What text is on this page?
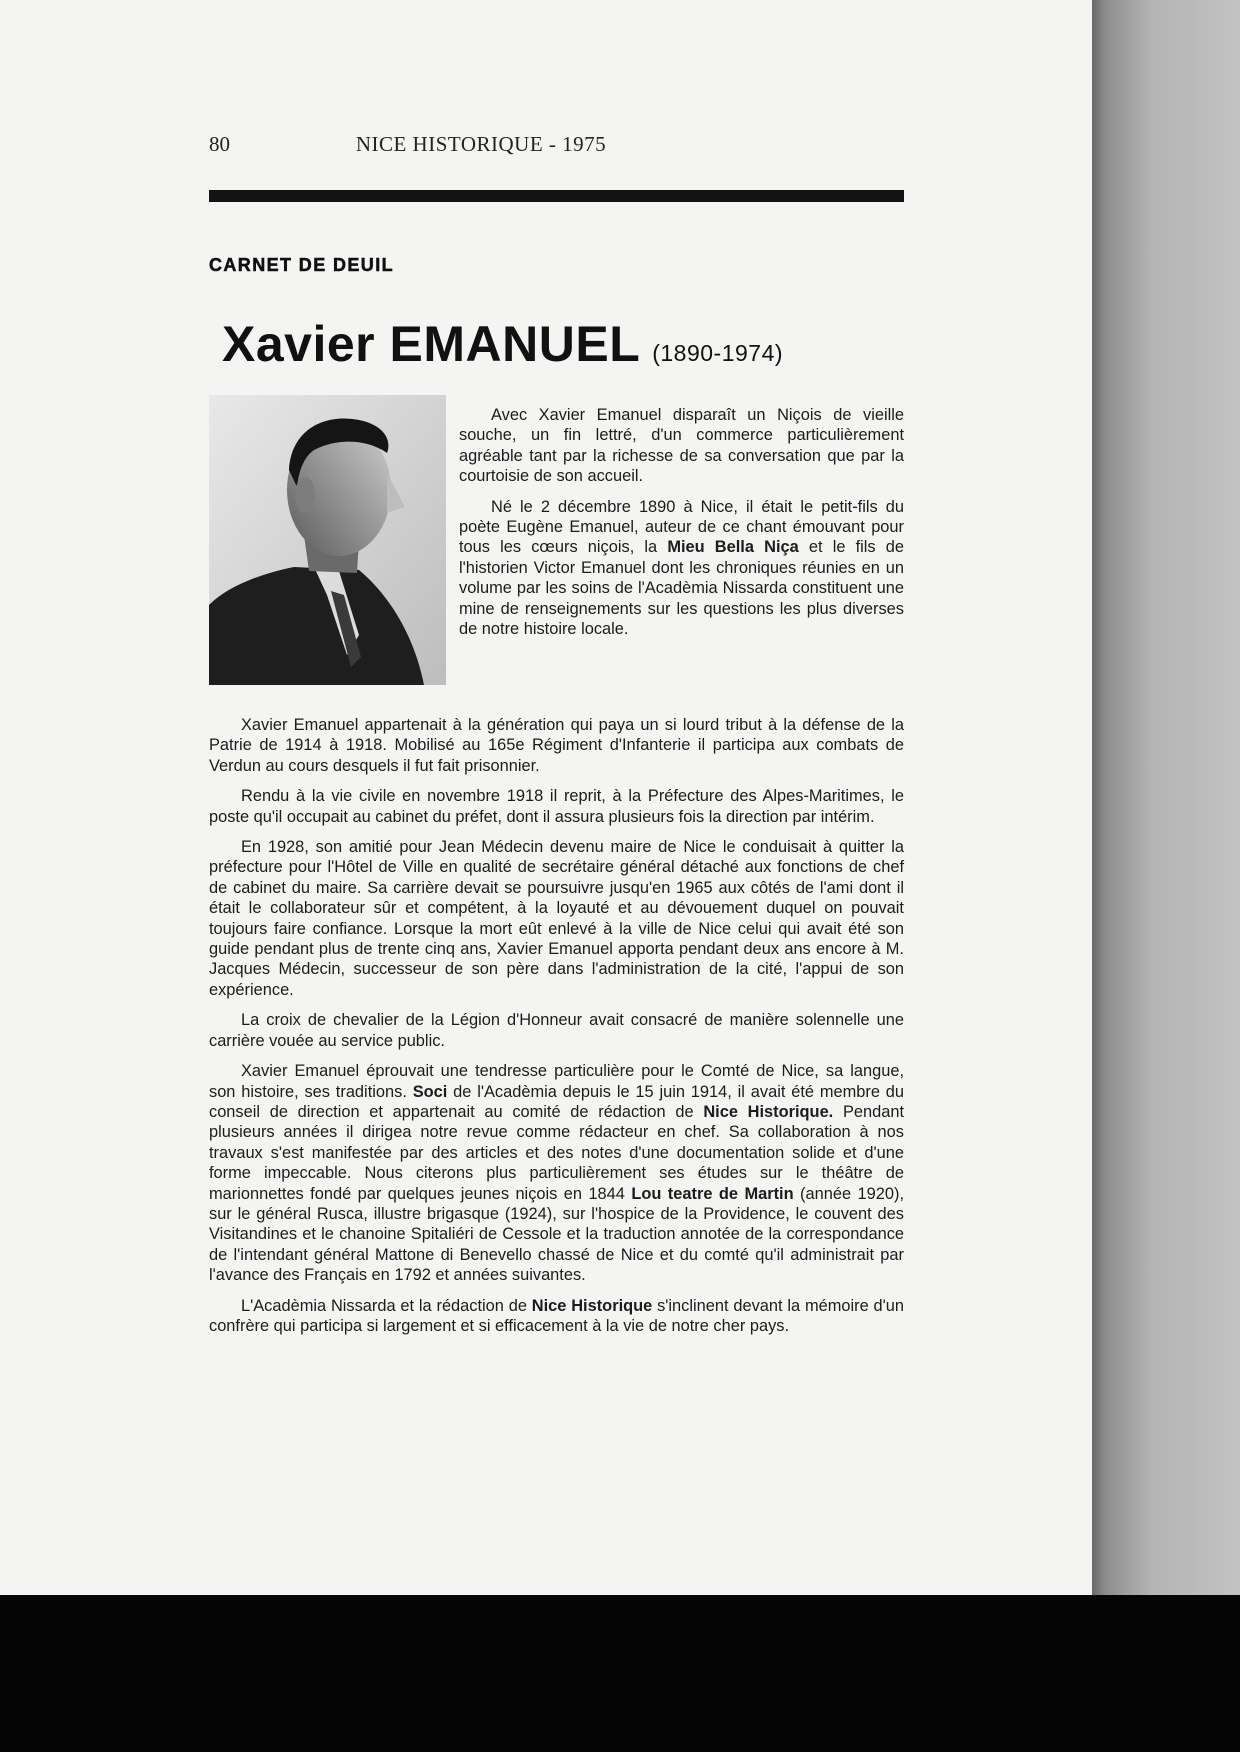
80	NICE HISTORIQUE - 1975
CARNET DE DEUIL
Xavier EMANUEL (1890-1974)

Avec Xavier Emanuel disparaît un Niçois de vieille souche, un fin lettré, d'un commerce particulièrement agréable tant par la richesse de sa conversation que par la courtoisie de son accueil.

Né le 2 décembre 1890 à Nice, il était le petit-fils du poète Eugène Emanuel, auteur de ce chant émouvant pour tous les cœurs niçois, la Mieu Bella Niça et le fils de l'historien Victor Emanuel dont les chroniques réunies en un volume par les soins de l'Acadèmia Nissarda constituent une mine de renseignements sur les questions les plus diverses de notre histoire locale.

Xavier Emanuel appartenait à la génération qui paya un si lourd tribut à la défense de la Patrie de 1914 à 1918. Mobilisé au 165e Régiment d'Infanterie il participa aux combats de Verdun au cours desquels il fut fait prisonnier.

Rendu à la vie civile en novembre 1918 il reprit, à la Préfecture des Alpes-Maritimes, le poste qu'il occupait au cabinet du préfet, dont il assura plusieurs fois la direction par intérim.

En 1928, son amitié pour Jean Médecin devenu maire de Nice le conduisait à quitter la préfecture pour l'Hôtel de Ville en qualité de secrétaire général détaché aux fonctions de chef de cabinet du maire. Sa carrière devait se poursuivre jusqu'en 1965 aux côtés de l'ami dont il était le collaborateur sûr et compétent, à la loyauté et au dévouement duquel on pouvait toujours faire confiance. Lorsque la mort eût enlevé à la ville de Nice celui qui avait été son guide pendant plus de trente cinq ans, Xavier Emanuel apporta pendant deux ans encore à M. Jacques Médecin, successeur de son père dans l'administration de la cité, l'appui de son expérience.

La croix de chevalier de la Légion d'Honneur avait consacré de manière solennelle une carrière vouée au service public.

Xavier Emanuel éprouvait une tendresse particulière pour le Comté de Nice, sa langue, son histoire, ses traditions. Soci de l'Acadèmia depuis le 15 juin 1914, il avait été membre du conseil de direction et appartenait au comité de rédaction de Nice Historique. Pendant plusieurs années il dirigea notre revue comme rédacteur en chef. Sa collaboration à nos travaux s'est manifestée par des articles et des notes d'une documentation solide et d'une forme impeccable. Nous citerons plus particulièrement ses études sur le théâtre de marionnettes fondé par quelques jeunes niçois en 1844 Lou teatre de Martin (année 1920), sur le général Rusca, illustre brigasque (1924), sur l'hospice de la Providence, le couvent des Visitandines et le chanoine Spitaliéri de Cessole et la traduction annotée de la correspondance de l'intendant général Mattone di Benevello chassé de Nice et du comté qu'il administrait par l'avance des Français en 1792 et années suivantes.

L'Acadèmia Nissarda et la rédaction de Nice Historique s'inclinent devant la mémoire d'un confrère qui participa si largement et si efficacement à la vie de notre cher pays.
